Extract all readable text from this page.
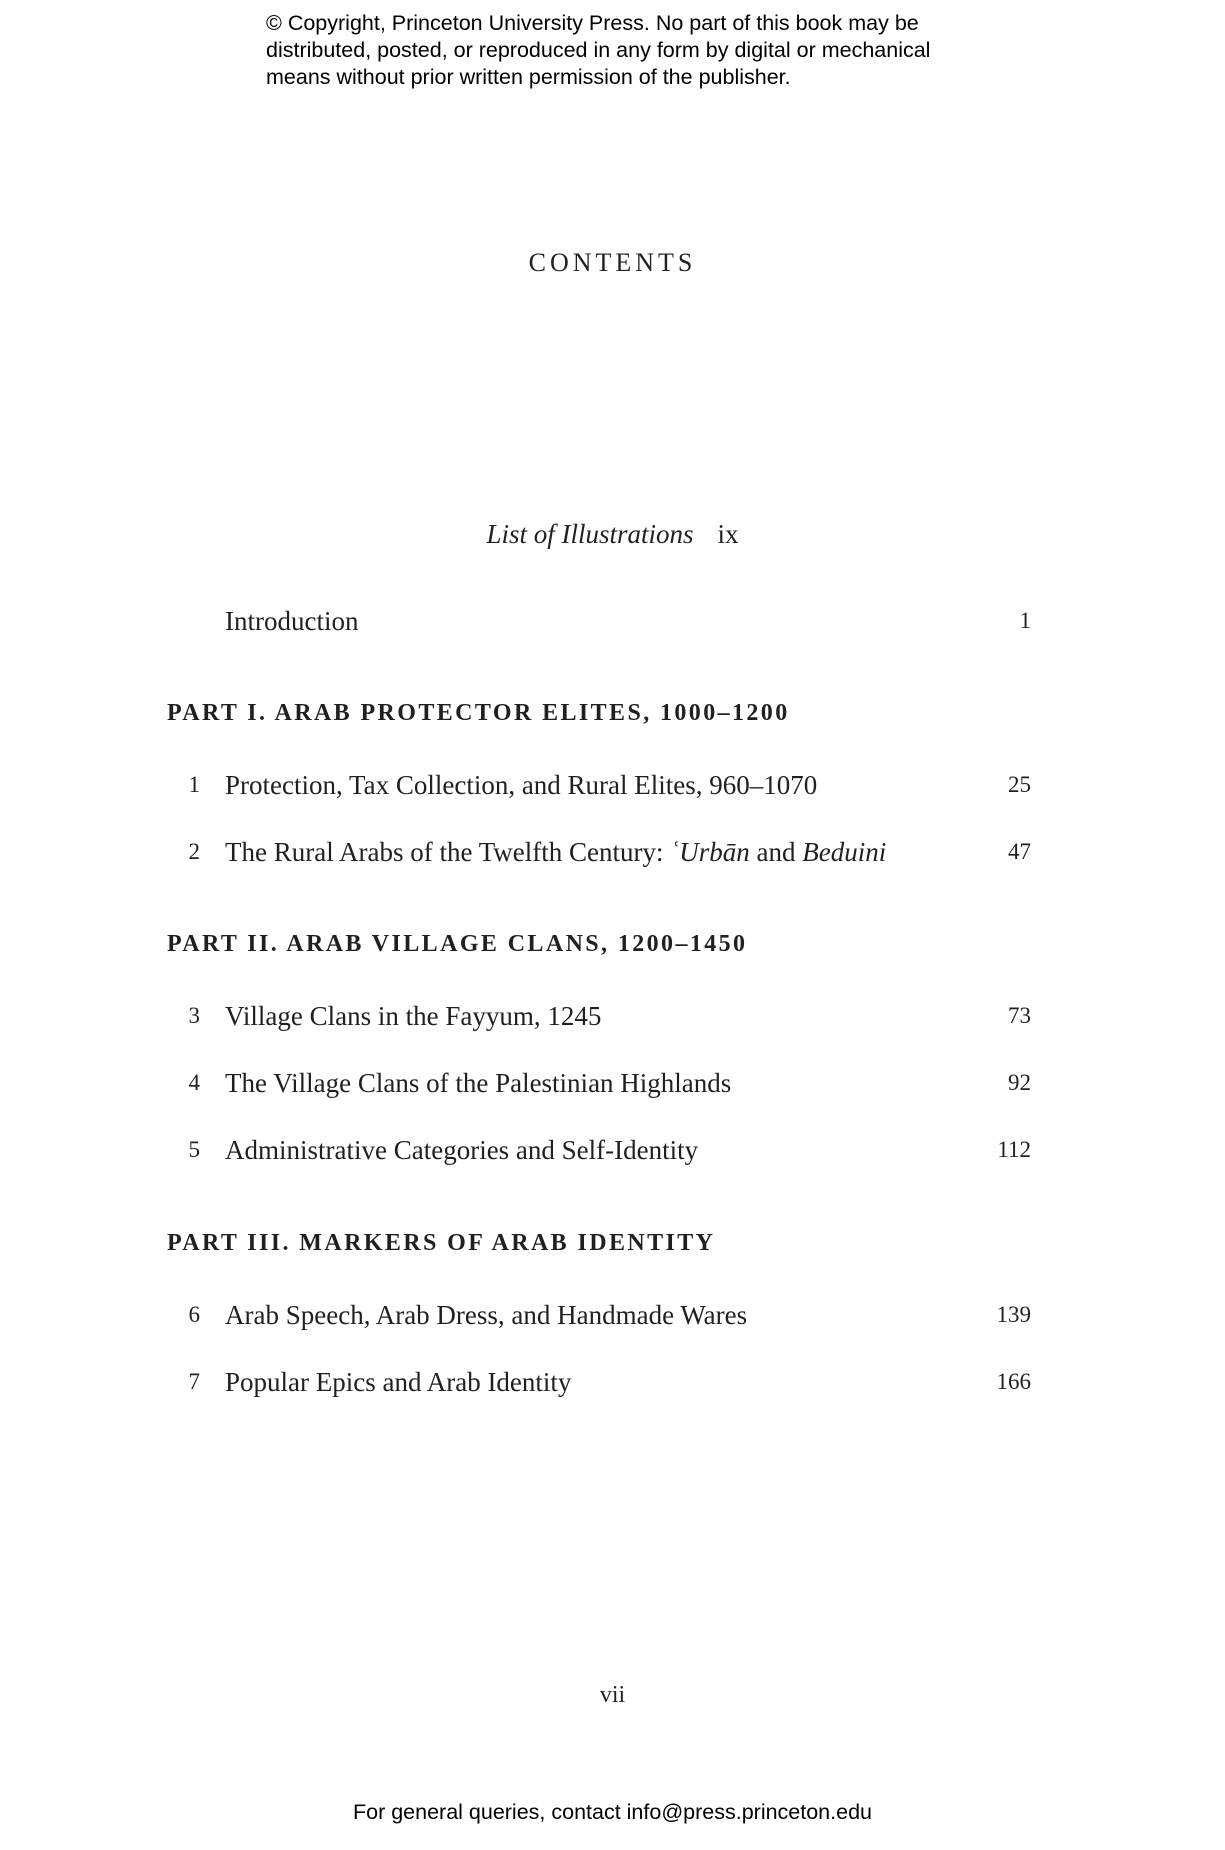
© Copyright, Princeton University Press. No part of this book may be
distributed, posted, or reproduced in any form by digital or mechanical
means without prior written permission of the publisher.
CONTENTS
List of Illustrations ix
Introduction	1
PART I. ARAB PROTECTOR ELITES, 1000–1200
1 Protection, Tax Collection, and Rural Elites, 960–1070	25
2 The Rural Arabs of the Twelfth Century: ʿUrbān and Beduini	47
PART II. ARAB VILLAGE CLANS, 1200–1450
3 Village Clans in the Fayyum, 1245	73
4 The Village Clans of the Palestinian Highlands	92
5 Administrative Categories and Self-Identity	112
PART III. MARKERS OF ARAB IDENTITY
6 Arab Speech, Arab Dress, and Handmade Wares	139
7 Popular Epics and Arab Identity	166
vii
For general queries, contact info@press.princeton.edu
